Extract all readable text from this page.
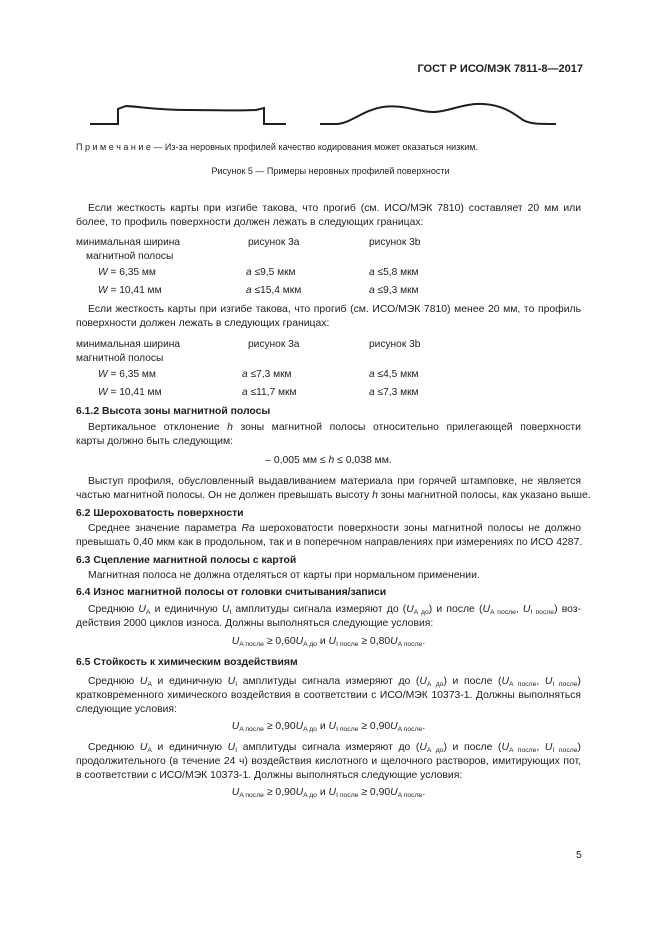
ГОСТ Р ИСО/МЭК 7811-8—2017
П р и м е ч а н и е — Из-за неровных профилей качество кодирования может оказаться низким.
Рисунок 5 — Примеры неровных профилей поверхности
Если жесткость карты при изгибе такова, что прогиб (см. ИСО/МЭК 7810) составляет 20 мм или
более, то профиль поверхности должен лежать в следующих границах:
минимальная ширина	рисунок 3а	рисунок 3b
магнитной полосы
W = 6,35 мм	a ≤9,5 мкм	a ≤5,8 мкм
W = 10,41 мм	a ≤15,4 мкм	a ≤9,3 мкм
Если жесткость карты при изгибе такова, что прогиб (см. ИСО/МЭК 7810) менее 20 мм, то профиль
поверхности должен лежать в следующих границах:
минимальная ширина	рисунок 3а	рисунок 3b
магнитной полосы
W = 6,35 мм	a ≤7,3 мкм	a ≤4,5 мкм
W = 10,41 мм	a ≤11,7 мкм	a ≤7,3 мкм
6.1.2 Высота зоны магнитной полосы
Вертикальное отклонение h зоны магнитной полосы относительно прилегающей поверхности
карты должно быть следующим:
– 0,005 мм ≤ h ≤ 0,038 мм.
Выступ профиля, обусловленный выдавливанием материала при горячей штамповке, не является
частью магнитной полосы. Он не должен превышать высоту h зоны магнитной полосы, как указано выше.
6.2 Шероховатость поверхности
Среднее значение параметра Ra шероховатости поверхности зоны магнитной полосы не должно
превышать 0,40 мкм как в продольном, так и в поперечном направлениях при измерениях по ИСО 4287.
6.3 Сцепление магнитной полосы с картой
Магнитная полоса не должна отделяться от карты при нормальном применении.
6.4 Износ магнитной полосы от головки считывания/записи
Среднюю $U_A$ и единичную $U_I$ амплитуды сигнала измеряют до $(U_{A до})$ и после ($U_{A после}$, $U_{I после}$) воз-
действия 2000 циклов износа. Должны выполняться следующие условия:
$U_{A после} \ge 0,60U_{A до}$ и $U_{I после} \ge 0,80U_{A после}$.
6.5 Стойкость к химическим воздействиям
Среднюю $U_A$ и единичную $U_I$ амплитуды сигнала измеряют до $(U_{A до})$ и после ($U_{A после}$, $U_{I после}$)
кратковременного химического воздействия в соответствии с ИСО/МЭК 10373-1. Должны выполняться
следующие условия:
$U_{A после} \ge 0,90U_{A до}$ и $U_{I после} \ge 0,90U_{A после}$.
Среднюю $U_A$ и единичную $U_I$ амплитуды сигнала измеряют до $(U_{A до})$ и после ($U_{A после}$, $U_{I после}$)
продолжительного (в течение 24 ч) воздействия кислотного и щелочного растворов, имитирующих пот,
в соответствии с ИСО/МЭК 10373-1. Должны выполняться следующие условия:
$U_{A после} \ge 0,90U_{A до}$ и $U_{I после} \ge 0,90U_{A после}$.
5
